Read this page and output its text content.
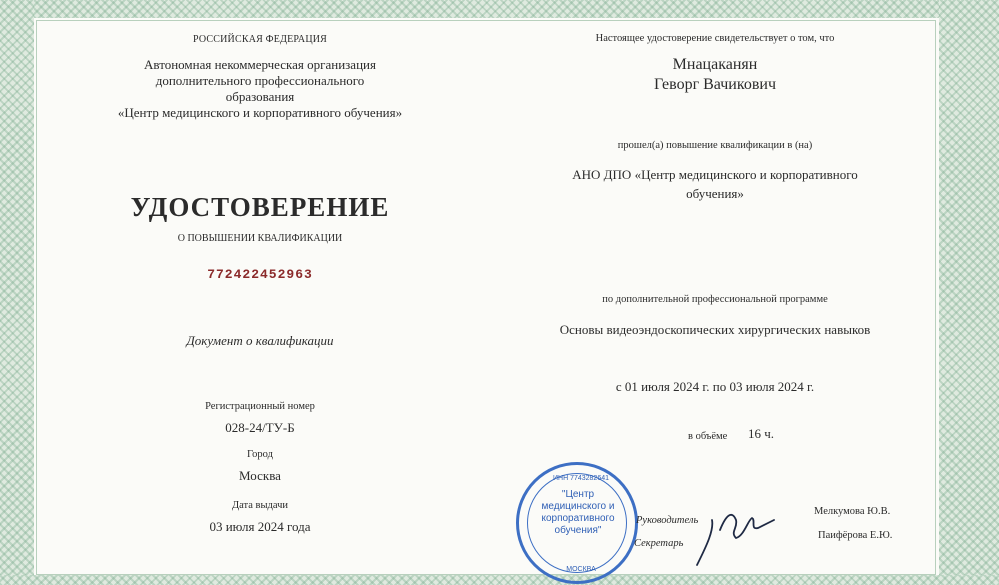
РОССИЙСКАЯ ФЕДЕРАЦИЯ
Автономная некоммерческая организация
дополнительного профессионального
образования
«Центр медицинского и корпоративного обучения»
УДОСТОВЕРЕНИЕ
О ПОВЫШЕНИИ КВАЛИФИКАЦИИ
772422452963
Документ о квалификации
Регистрационный номер
028-24/ТУ-Б
Город
Москва
Дата выдачи
03 июля 2024 года
Настоящее удостоверение свидетельствует о том, что
Мнацаканян
Геворг Вачикович
прошел(а) повышение квалификации в (на)
АНО ДПО «Центр медицинского и корпоративного
обучения»
по дополнительной профессиональной программе
Основы видеоэндоскопических хирургических навыков
с 01 июля 2024 г. по 03 июля 2024 г.
в объёме 16 ч.
ИНН 7743282641
"Центр медицинского и корпоративного обучения"
МОСКВА
Руководитель
Секретарь
Мелкумова Ю.В.
Паифёрова Е.Ю.
